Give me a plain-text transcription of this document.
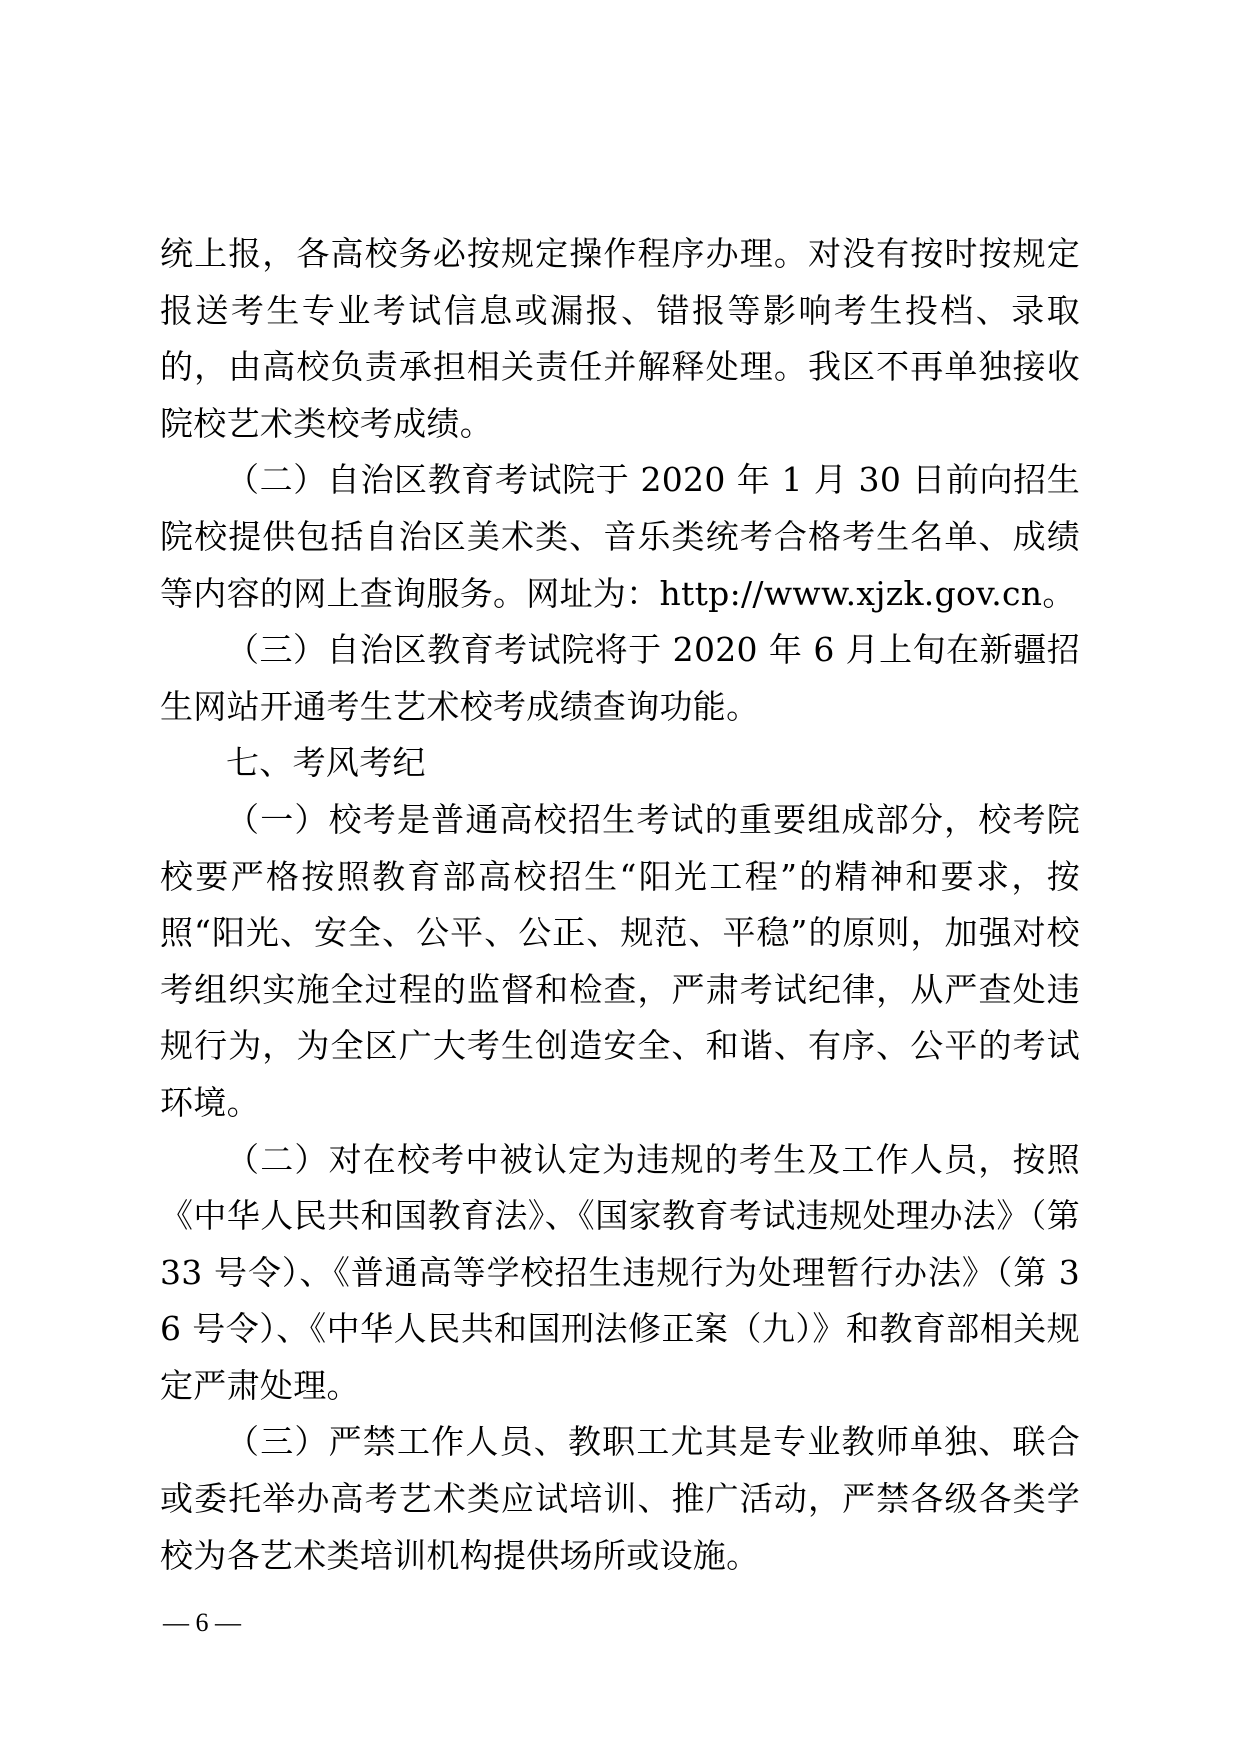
统上报，各高校务必按规定操作程序办理。对没有按时按规定报送考生专业考试信息或漏报、错报等影响考生投档、录取的，由高校负责承担相关责任并解释处理。我区不再单独接收院校艺术类校考成绩。

（二）自治区教育考试院于 2020 年 1 月 30 日前向招生院校提供包括自治区美术类、音乐类统考合格考生名单、成绩等内容的网上查询服务。网址为：http://www.xjzk.gov.cn。

（三）自治区教育考试院将于 2020 年 6 月上旬在新疆招生网站开通考生艺术校考成绩查询功能。

七、考风考纪

（一）校考是普通高校招生考试的重要组成部分，校考院校要严格按照教育部高校招生“阳光工程”的精神和要求，按照“阳光、安全、公平、公正、规范、平稳”的原则，加强对校考组织实施全过程的监督和检查，严肃考试纪律，从严查处违规行为，为全区广大考生创造安全、和谐、有序、公平的考试环境。

（二）对在校考中被认定为违规的考生及工作人员，按照《中华人民共和国教育法》、《国家教育考试违规处理办法》（第 33 号令）、《普通高等学校招生违规行为处理暂行办法》（第 36 号令）、《中华人民共和国刑法修正案（九）》和教育部相关规定严肃处理。

（三）严禁工作人员、教职工尤其是专业教师单独、联合或委托举办高考艺术类应试培训、推广活动，严禁各级各类学校为各艺术类培训机构提供场所或设施。

— 6 —
